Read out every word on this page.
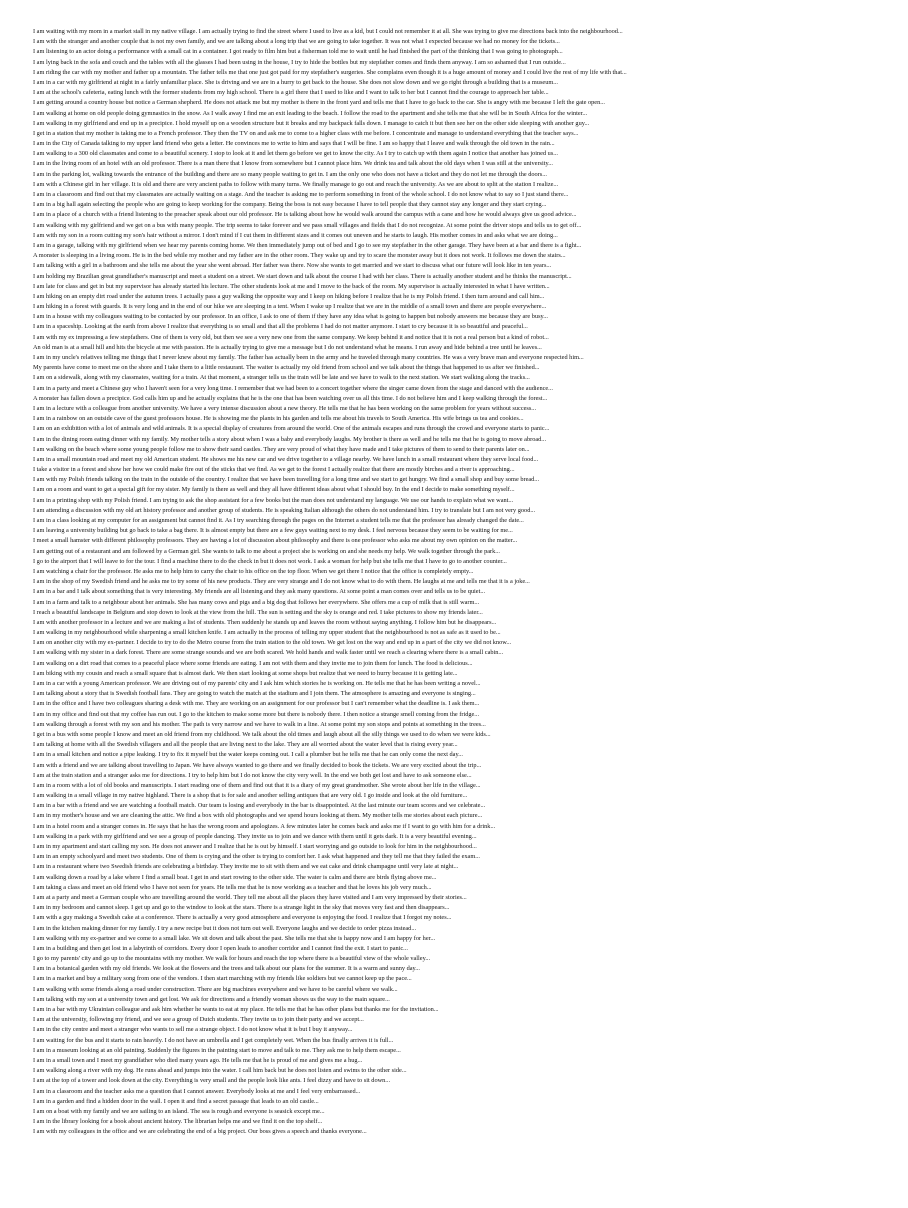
I am waiting with my mom in a market stall in my native village. I am actually trying to find the street where I used to live as a kid, but I could not remember it at all. She was trying to give me directions back into the neighbourhood...
I am with the stranger and another couple that is not my own family, and we are talking about a long trip that we are going to take together. It was not what I expected because we had no money for the tickets...
I am listening to an actor doing a performance with a small cat in a container. I got ready to film him but a fisherman told me to wait until he had finished the part of the thinking that I was going to photograph...
I am lying back in the sofa and couch and the tables with all the glasses I had been using in the house, I try to hide the bottles but my stepfather comes and finds them anyway. I am so ashamed that I run outside...
I am riding the car with my mother and father up a mountain. The father tells me that one just got paid for my stepfather's surgeries. She complains even though it is a huge amount of money and I could live the rest of my life with that...
I am in a car with my girlfriend at night in a fairly unfamiliar place. She is driving and we are in a hurry to get back to the house. She does not slow down and we go right through a building that is a museum...
I am at the school's cafeteria, eating lunch with the former students from my high school. There is a girl there that I used to like and I want to talk to her but I cannot find the courage to approach her table...
I am getting around a country house but notice a German shepherd. He does not attack me but my mother is there in the front yard and tells me that I have to go back to the car. She is angry with me because I left the gate open...
I am walking at home on old people doing gymnastics in the snow. As I walk away I find me an exit leading to the beach. I follow the road to the apartment and she tells me that she will be in South Africa for the winter...
I am walking in my girlfriend and end up in a precipice. I hold myself up on a wooden structure but it breaks and my backpack falls down. I manage to catch it but then see her on the other side sleeping with another guy...
I get in a station that my mother is taking me to a French professor. They then the TV on and ask me to come to a higher class with me before. I concentrate and manage to understand everything that the teacher says...
I am in the City of Canada talking to my upper land friend who gets a letter. He convinces me to write to him and says that I will be fine. I am so happy that I leave and walk through the old town in the rain...
I am walking to a 300 old classmates and come to a beautiful scenery. I stop to look at it and let them go before we get to know the city. As I try to catch up with them again I notice that another has joined us...
I am in the living room of an hotel with an old professor. There is a man there that I know from somewhere but I cannot place him. We drink tea and talk about the old days when I was still at the university...
I am in the parking lot, walking towards the entrance of the building and there are so many people waiting to get in. I am the only one who does not have a ticket and they do not let me through the doors...
I am with a Chinese girl in her village. It is old and there are very ancient paths to follow with many turns. We finally manage to go out and reach the university. As we are about to split at the station I realize...
I am in a classroom and find out that my classmates are actually waiting on a stage. And the teacher is asking me to perform something in front of the whole school. I do not know what to say so I just stand there...
I am in a big hall again selecting the people who are going to keep working for the company. Being the boss is not easy because I have to tell people that they cannot stay any longer and they start crying...
I am in a place of a church with a friend listening to the preacher speak about our old professor. He is talking about how he would walk around the campus with a cane and how he would always give us good advice...
I am walking with my girlfriend and we get on a bus with many people. The trip seems to take forever and we pass small villages and fields that I do not recognize. At some point the driver stops and tells us to get off...
I am with my son in a room cutting my son's hair without a mirror. I don't mind if I cut them in different sizes and it comes out uneven and he starts to laugh. His mother comes in and asks what we are doing...
I am in a garage, talking with my girlfriend when we hear my parents coming home. We then immediately jump out of bed and I go to see my stepfather in the other garage. They have been at a bar and there is a fight...
A monster is sleeping in a living room. He is in the bed while my mother and my father are in the other room. They wake up and try to scare the monster away but it does not work. It follows me down the stairs...
I am talking with a girl in a bathroom and she tells me about the year she went abroad. Her father was there. Now she wants to get married and we start to discuss what our future will look like in ten years...
I am holding my Brazilian great grandfather's manuscript and meet a student on a street. We start down and talk about the course I had with her class. There is actually another student and he thinks the manuscript...
I am late for class and get in but my supervisor has already started his lecture. The other students look at me and I move to the back of the room. My supervisor is actually interested in what I have written...
I am hiking on an empty dirt road under the autumn trees. I actually pass a guy walking the opposite way and I keep on hiking before I realize that he is my Polish friend. I then turn around and call him...
I am hiking in a forest with guards. It is very long and in the end of our hike we are sleeping in a tent. When I wake up I realize that we are in the middle of a small town and there are people everywhere...
I am in a house with my colleagues waiting to be contacted by our professor. In an office, I ask to one of them if they have any idea what is going to happen but nobody answers me because they are busy...
I am in a spaceship. Looking at the earth from above I realize that everything is so small and that all the problems I had do not matter anymore. I start to cry because it is so beautiful and peaceful...
I am with my ex impressing a few stepfathers. One of them is very old, but then we see a very new one from the same company. We keep behind it and notice that it is not a real person but a kind of robot...
An old man is at a small hill and hits the bicycle at me with passion. He is actually trying to give me a message but I do not understand what he means. I run away and hide behind a tree until he leaves...
I am in my uncle's relatives telling me things that I never knew about my family. The father has actually been in the army and he traveled through many countries. He was a very brave man and everyone respected him...
My parents have come to meet me on the shore and I take them to a little restaurant. The waiter is actually my old friend from school and we talk about the things that happened to us after we finished...
I am on a sidewalk, along with my classmates, waiting for a train. At that moment, a stranger tells us the train will be late and we have to walk to the next station. We start walking along the tracks...
I am in a party and meet a Chinese guy who I haven't seen for a very long time. I remember that we had been to a concert together where the singer came down from the stage and danced with the audience...
A monster has fallen down a precipice. God calls him up and he actually explains that he is the one that has been watching over us all this time. I do not believe him and I keep walking through the forest...
I am in a lecture with a colleague from another university. We have a very intense discussion about a new theory. He tells me that he has been working on the same problem for years without success...
I am in a rainbow on an outside cave of the guest professors house. He is showing me the plants in his garden and tells me about his travels to South America. His wife brings us tea and cookies...
I am on an exhibition with a lot of animals and wild animals. It is a special display of creatures from around the world. One of the animals escapes and runs through the crowd and everyone starts to panic...
I am in the dining room eating dinner with my family. My mother tells a story about when I was a baby and everybody laughs. My brother is there as well and he tells me that he is going to move abroad...
I am walking on the beach where some young people follow me to show their sand castles. They are very proud of what they have made and I take pictures of them to send to their parents later on...
I am in a small mountain road and meet my old American student. He shows me his new car and we drive together to a village nearby. We have lunch in a small restaurant where they serve local food...
I take a visitor in a forest and show her how we could make fire out of the sticks that we find. As we get to the forest I actually realize that there are mostly birches and a river is approaching...
I am with my Polish friends talking on the train in the outside of the country. I realize that we have been travelling for a long time and we start to get hungry. We find a small shop and buy some bread...
I am on a room and want to get a special gift for my sister. My family is there as well and they all have different ideas about what I should buy. In the end I decide to make something myself...
I am in a printing shop with my Polish friend. I am trying to ask the shop assistant for a few books but the man does not understand my language. We use our hands to explain what we want...
I am attending a discussion with my old art history professor and another group of students. He is speaking Italian although the others do not understand him. I try to translate but I am not very good...
I am in a class looking at my computer for an assignment but cannot find it. As I try searching through the pages on the Internet a student tells me that the professor has already changed the date...
I am leaving a university building but go back to take a bag there. It is almost empty but there are a few guys waiting next to my desk. I feel nervous because they seem to be waiting for me...
I meet a small hamster with different philosophy professors. They are having a lot of discussion about philosophy and there is one professor who asks me about my own opinion on the matter...
I am getting out of a restaurant and am followed by a German girl. She wants to talk to me about a project she is working on and she needs my help. We walk together through the park...
I go to the airport that I will leave to for the tour. I find a machine there to do the check in but it does not work. I ask a woman for help but she tells me that I have to go to another counter...
I am watching a chair for the professor. He asks me to help him to carry the chair to his office on the top floor. When we get there I notice that the office is completely empty...
I am in the shop of my Swedish friend and he asks me to try some of his new products. They are very strange and I do not know what to do with them. He laughs at me and tells me that it is a joke...
I am in a bar and I talk about something that is very interesting. My friends are all listening and they ask many questions. At some point a man comes over and tells us to be quiet...
I am in a farm and talk to a neighbour about her animals. She has many cows and pigs and a big dog that follows her everywhere. She offers me a cup of milk that is still warm...
I reach a beautiful landscape in Belgium and stop down to look at the view from the hill. The sun is setting and the sky is orange and red. I take pictures to show my friends later...
I am with another professor in a lecture and we are making a list of students. Then suddenly he stands up and leaves the room without saying anything. I follow him but he disappears...
I am walking in my neighbourhood while sharpening a small kitchen knife. I am actually in the process of telling my upper student that the neighbourhood is not as safe as it used to be...
I am on another city with my ex-partner. I decide to try to do the Metro course from the train station to the old town. We get lost on the way and end up in a part of the city we did not know...
I am walking with my sister in a dark forest. There are some strange sounds and we are both scared. We hold hands and walk faster until we reach a clearing where there is a small cabin...
I am walking on a dirt road that comes to a peaceful place where some friends are eating. I am not with them and they invite me to join them for lunch. The food is delicious...
I am biking with my cousin and reach a small square that is almost dark. We then start looking at some shops but realize that we need to hurry because it is getting late...
I am in a car with a young American professor. We are driving out of my parents' city and I ask him which stories he is working on. He tells me that he has been writing a novel...
I am talking about a story that is Swedish football fans. They are going to watch the match at the stadium and I join them. The atmosphere is amazing and everyone is singing...
I am in the office and I have two colleagues sharing a desk with me. They are working on an assignment for our professor but I can't remember what the deadline is. I ask them...
I am in my office and find out that my coffee has run out. I go to the kitchen to make some more but there is nobody there. I then notice a strange smell coming from the fridge...
I am walking through a forest with my son and his mother. The path is very narrow and we have to walk in a line. At some point my son stops and points at something in the trees...
I get in a bus with some people I know and meet an old friend from my childhood. We talk about the old times and laugh about all the silly things we used to do when we were kids...
I am talking at home with all the Swedish villagers and all the people that are living next to the lake. They are all worried about the water level that is rising every year...
I am in a small kitchen and notice a pipe leaking. I try to fix it myself but the water keeps coming out. I call a plumber but he tells me that he can only come the next day...
I am with a friend and we are talking about travelling to Japan. We have always wanted to go there and we finally decided to book the tickets. We are very excited about the trip...
I am at the train station and a stranger asks me for directions. I try to help him but I do not know the city very well. In the end we both get lost and have to ask someone else...
I am in a room with a lot of old books and manuscripts. I start reading one of them and find out that it is a diary of my great grandmother. She wrote about her life in the village...
I am walking in a small village in my native highland. There is a shop that is for sale and another selling antiques that are very old. I go inside and look at the old furniture...
I am in a bar with a friend and we are watching a football match. Our team is losing and everybody in the bar is disappointed. At the last minute our team scores and we celebrate...
I am in my mother's house and we are cleaning the attic. We find a box with old photographs and we spend hours looking at them. My mother tells me stories about each picture...
I am in a hotel room and a stranger comes in. He says that he has the wrong room and apologizes. A few minutes later he comes back and asks me if I want to go with him for a drink...
I am walking in a park with my girlfriend and we see a group of people dancing. They invite us to join and we dance with them until it gets dark. It is a very beautiful evening...
I am in my apartment and start calling my son. He does not answer and I realize that he is out by himself. I start worrying and go outside to look for him in the neighbourhood...
I am in an empty schoolyard and meet two students. One of them is crying and the other is trying to comfort her. I ask what happened and they tell me that they failed the exam...
I am in a restaurant where two Swedish friends are celebrating a birthday. They invite me to sit with them and we eat cake and drink champagne until very late at night...
I am walking down a road by a lake where I find a small boat. I get in and start rowing to the other side. The water is calm and there are birds flying above me...
I am taking a class and meet an old friend who I have not seen for years. He tells me that he is now working as a teacher and that he loves his job very much...
I am at a party and meet a German couple who are travelling around the world. They tell me about all the places they have visited and I am very impressed by their stories...
I am in my bedroom and cannot sleep. I get up and go to the window to look at the stars. There is a strange light in the sky that moves very fast and then disappears...
I am with a guy making a Swedish cake at a conference. There is actually a very good atmosphere and everyone is enjoying the food. I realize that I forgot my notes...
I am in the kitchen making dinner for my family. I try a new recipe but it does not turn out well. Everyone laughs and we decide to order pizza instead...
I am walking with my ex-partner and we come to a small lake. We sit down and talk about the past. She tells me that she is happy now and I am happy for her...
I am in a building and then get lost in a labyrinth of corridors. Every door I open leads to another corridor and I cannot find the exit. I start to panic...
I go to my parents' city and go up to the mountains with my mother. We walk for hours and reach the top where there is a beautiful view of the whole valley...
I am in a botanical garden with my old friends. We look at the flowers and the trees and talk about our plans for the summer. It is a warm and sunny day...
I am in a market and buy a military song from one of the vendors. I then start marching with my friends like soldiers but we cannot keep up the pace...
I am walking with some friends along a road under construction. There are big machines everywhere and we have to be careful where we walk...
I am talking with my son at a university town and get lost. We ask for directions and a friendly woman shows us the way to the main square...
I am in a bar with my Ukrainian colleague and ask him whether he wants to eat at my place. He tells me that he has other plans but thanks me for the invitation...
I am at the university, following my friend, and we see a group of Dutch students. They invite us to join their party and we accept...
I am in the city centre and meet a stranger who wants to sell me a strange object. I do not know what it is but I buy it anyway...
I am waiting for the bus and it starts to rain heavily. I do not have an umbrella and I get completely wet. When the bus finally arrives it is full...
I am in a museum looking at an old painting. Suddenly the figures in the painting start to move and talk to me. They ask me to help them escape...
I am in a small town and I meet my grandfather who died many years ago. He tells me that he is proud of me and gives me a hug...
I am walking along a river with my dog. He runs ahead and jumps into the water. I call him back but he does not listen and swims to the other side...
I am at the top of a tower and look down at the city. Everything is very small and the people look like ants. I feel dizzy and have to sit down...
I am in a classroom and the teacher asks me a question that I cannot answer. Everybody looks at me and I feel very embarrassed...
I am in a garden and find a hidden door in the wall. I open it and find a secret passage that leads to an old castle...
I am on a boat with my family and we are sailing to an island. The sea is rough and everyone is seasick except me...
I am in the library looking for a book about ancient history. The librarian helps me and we find it on the top shelf...
I am with my colleagues in the office and we are celebrating the end of a big project. Our boss gives a speech and thanks everyone...
